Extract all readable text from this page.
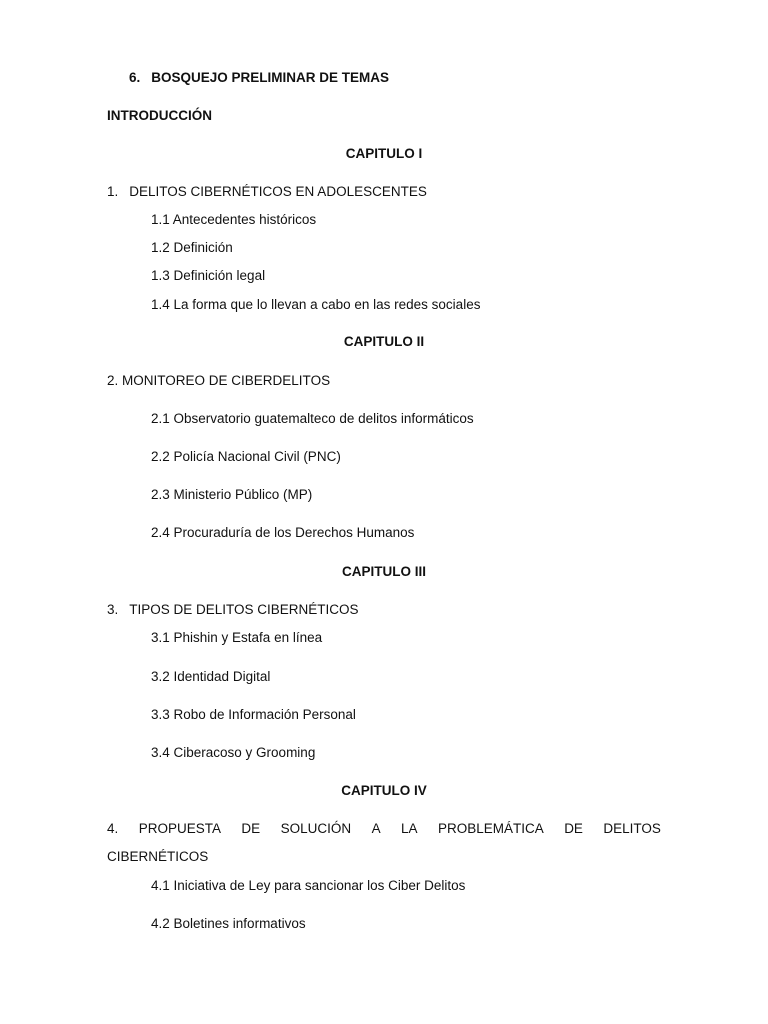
6. BOSQUEJO PRELIMINAR DE TEMAS
INTRODUCCIÓN
CAPITULO I
1. DELITOS CIBERNÉTICOS EN ADOLESCENTES
1.1 Antecedentes históricos
1.2 Definición
1.3 Definición legal
1.4 La forma que lo llevan a cabo en las redes sociales
CAPITULO II
2. MONITOREO DE CIBERDELITOS
2.1 Observatorio guatemalteco de delitos informáticos
2.2 Policía Nacional Civil (PNC)
2.3 Ministerio Público (MP)
2.4 Procuraduría de los Derechos Humanos
CAPITULO III
3. TIPOS DE DELITOS CIBERNÉTICOS
3.1 Phishin y Estafa en línea
3.2 Identidad Digital
3.3 Robo de Información Personal
3.4 Ciberacoso y Grooming
CAPITULO IV
4. PROPUESTA DE SOLUCIÓN A LA PROBLEMÁTICA DE DELITOS
CIBERNÉTICOS
4.1 Iniciativa de Ley para sancionar los Ciber Delitos
4.2 Boletines informativos
